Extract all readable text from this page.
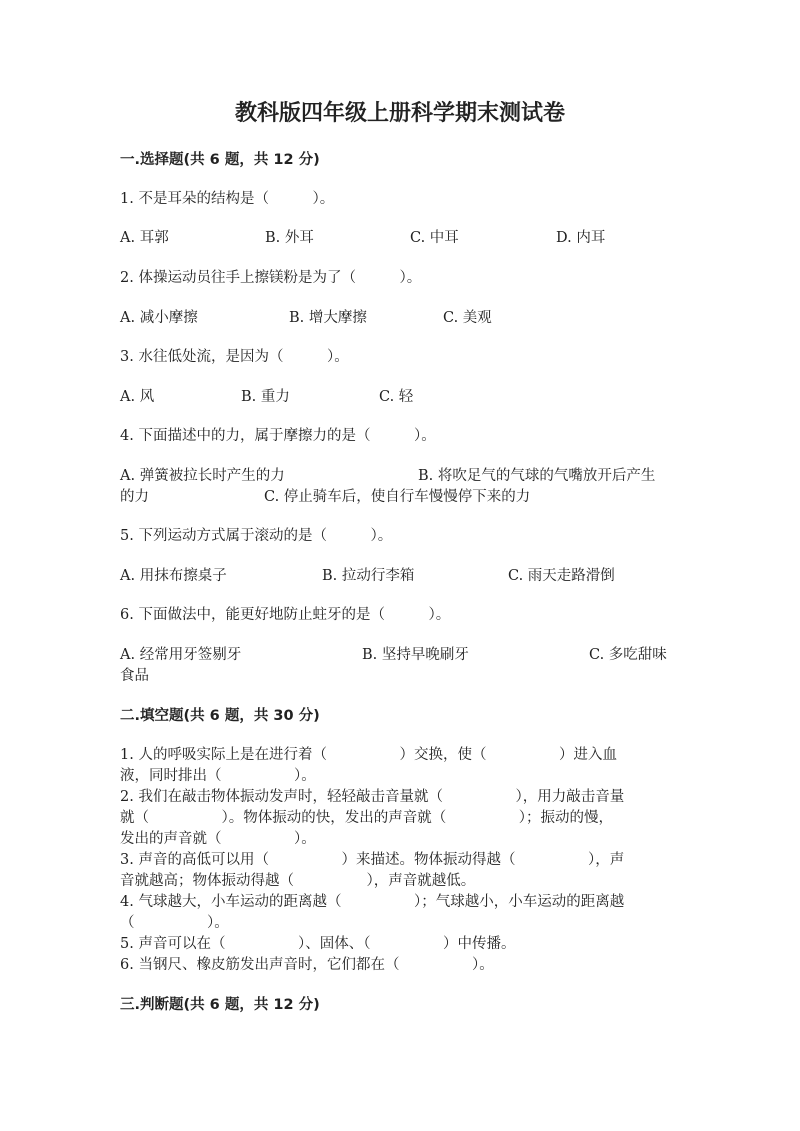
教科版四年级上册科学期末测试卷
一.选择题(共 6 题，共 12 分)
1. 不是耳朵的结构是（　　　）。
A. 耳郭	B. 外耳	C. 中耳	D. 内耳
2. 体操运动员往手上擦镁粉是为了（　　　）。
A. 减小摩擦	B. 增大摩擦	C. 美观
3. 水往低处流，是因为（　　　）。
A. 风	B. 重力	C. 轻
4. 下面描述中的力，属于摩擦力的是（　　　）。
A. 弹簧被拉长时产生的力	B. 将吹足气的气球的气嘴放开后产生
的力	C. 停止骑车后，使自行车慢慢停下来的力
5. 下列运动方式属于滚动的是（　　　）。
A. 用抹布擦桌子	B. 拉动行李箱	C. 雨天走路滑倒
6. 下面做法中，能更好地防止蛀牙的是（　　　）。
A. 经常用牙签剔牙	B. 坚持早晚刷牙	C. 多吃甜味
食品
二.填空题(共 6 题，共 30 分)
1. 人的呼吸实际上是在进行着（　　　　　）交换，使（　　　　　）进入血
液，同时排出（　　　　　）。
2. 我们在敲击物体振动发声时，轻轻敲击音量就（　　　　　），用力敲击音量
就（　　　　　）。物体振动的快，发出的声音就（　　　　　）；振动的慢，
发出的声音就（　　　　　）。
3. 声音的高低可以用（　　　　　）来描述。物体振动得越（　　　　　），声
音就越高；物体振动得越（　　　　　），声音就越低。
4. 气球越大，小车运动的距离越（　　　　　）；气球越小，小车运动的距离越
（　　　　　）。
5. 声音可以在（　　　　　）、固体、（　　　　　）中传播。
6. 当钢尺、橡皮筋发出声音时，它们都在（　　　　　）。
三.判断题(共 6 题，共 12 分)
